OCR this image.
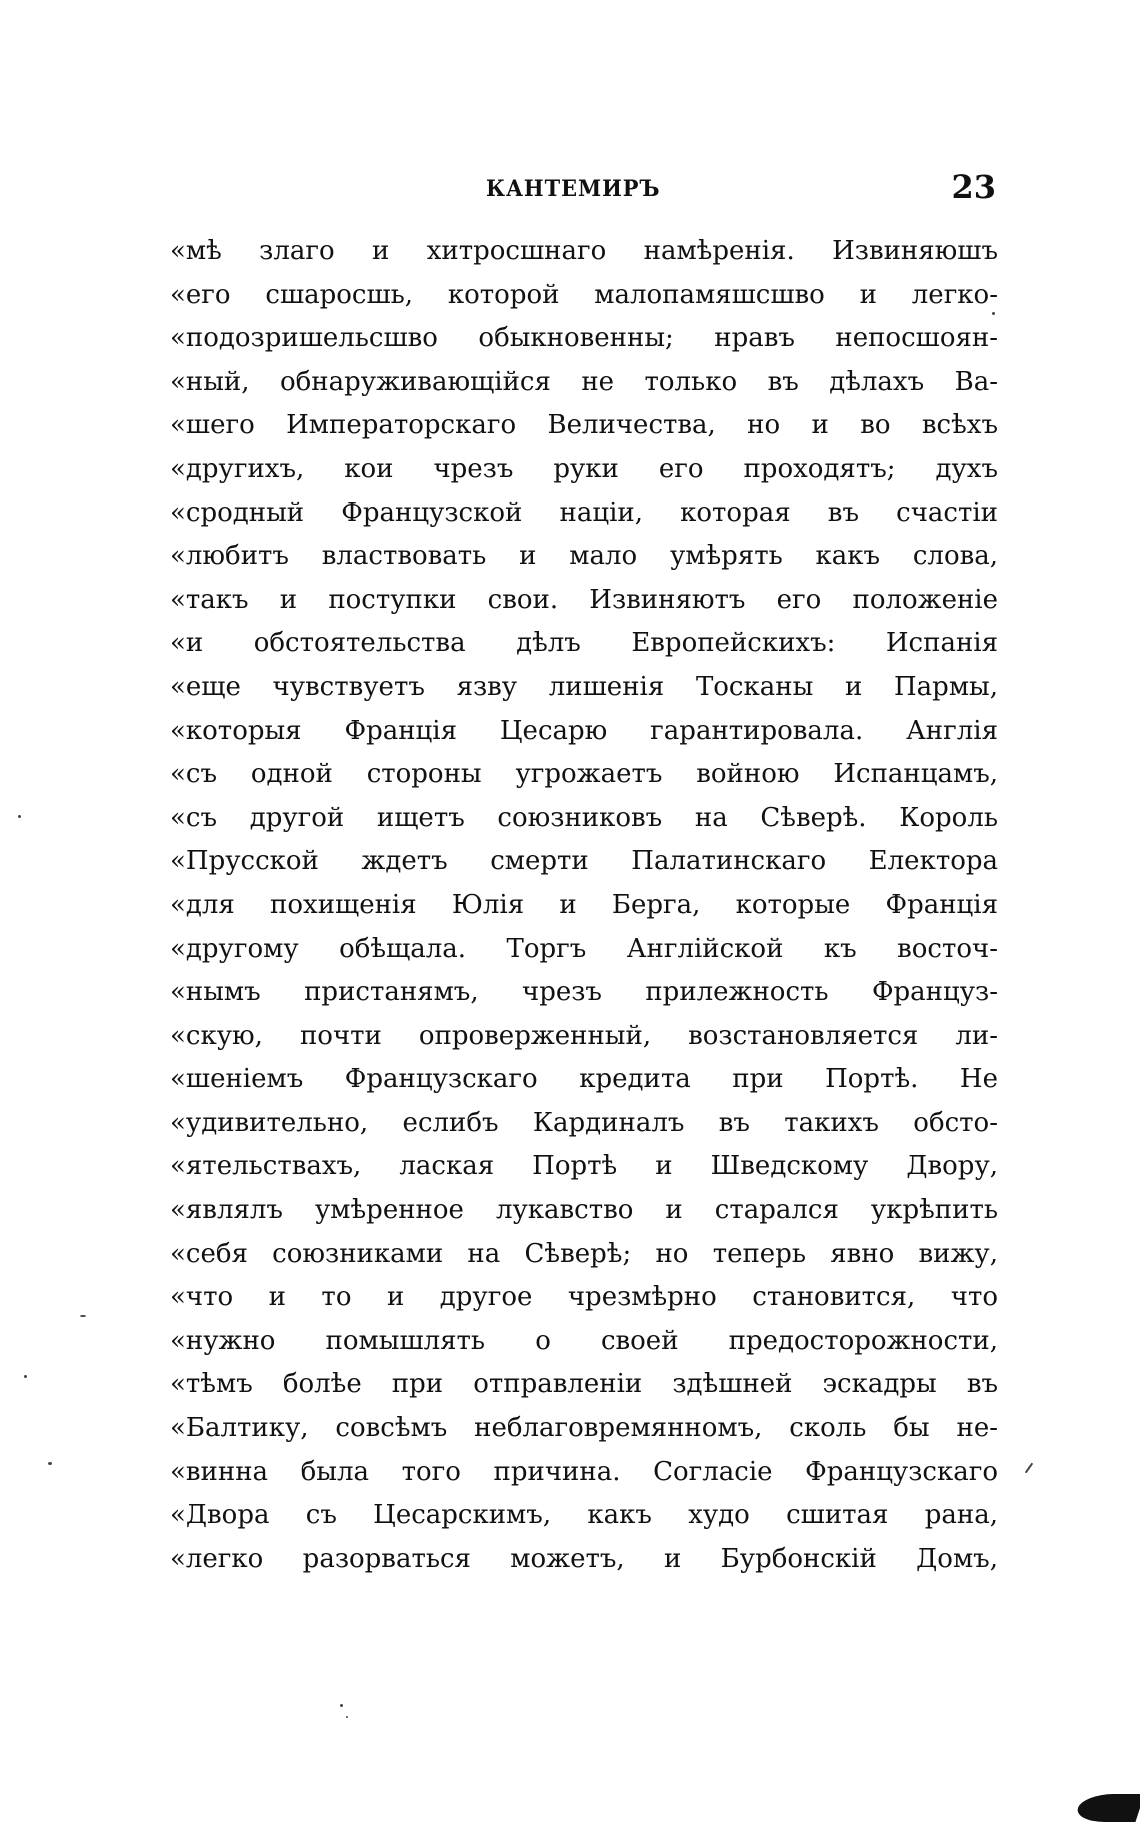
КАНТЕМИРЪ	23
«мѣ злаго и хитросшнаго намѣренія. Извиняюшъ
«его сшаросшь, которой малопамяшсшво и легко-
«подозришельсшво обыкновенны; нравъ непосшоян-
«ный, обнаруживающійся не только въ дѣлахъ Ва-
«шего Императорскаго Величества, но и во всѣхъ
«другихъ, кои чрезъ руки его проходятъ; духъ
«сродный Французской націи, которая въ счастіи
«любитъ властвовать и мало умѣрять какъ слова,
«такъ и поступки свои. Извиняютъ его положеніе
«и обстоятельства дѣлъ Европейскихъ: Испанія
«еще чувствуетъ язву лишенія Тосканы и Пармы,
«которыя Франція Цесарю гарантировала. Англія
«съ одной стороны угрожаетъ войною Испанцамъ,
«съ другой ищетъ союзниковъ на Сѣверѣ. Король
«Прусской ждетъ смерти Палатинскаго Електора
«для похищенія Юлія и Берга, которые Франція
«другому обѣщала. Торгъ Англійской къ восточ-
«нымъ пристанямъ, чрезъ прилежность Француз-
«скую, почти опроверженный, возстановляется ли-
«шеніемъ Французскаго кредита при Портѣ. Не
«удивительно, еслибъ Кардиналъ въ такихъ обсто-
«ятельствахъ, лаская Портѣ и Шведскому Двору,
«являлъ умѣренное лукавство и старался укрѣпить
«себя союзниками на Сѣверѣ; но теперь явно вижу,
«что и то и другое чрезмѣрно становится, что
«нужно помышлять о своей предосторожности,
«тѣмъ болѣе при отправленіи здѣшней эскадры въ
«Балтику, совсѣмъ неблаговремянномъ, сколь бы не-
«винна была того причина. Согласіе Французскаго
«Двора съ Цесарскимъ, какъ худо сшитая рана,
«легко разорваться можетъ, и Бурбонскій Домъ,
